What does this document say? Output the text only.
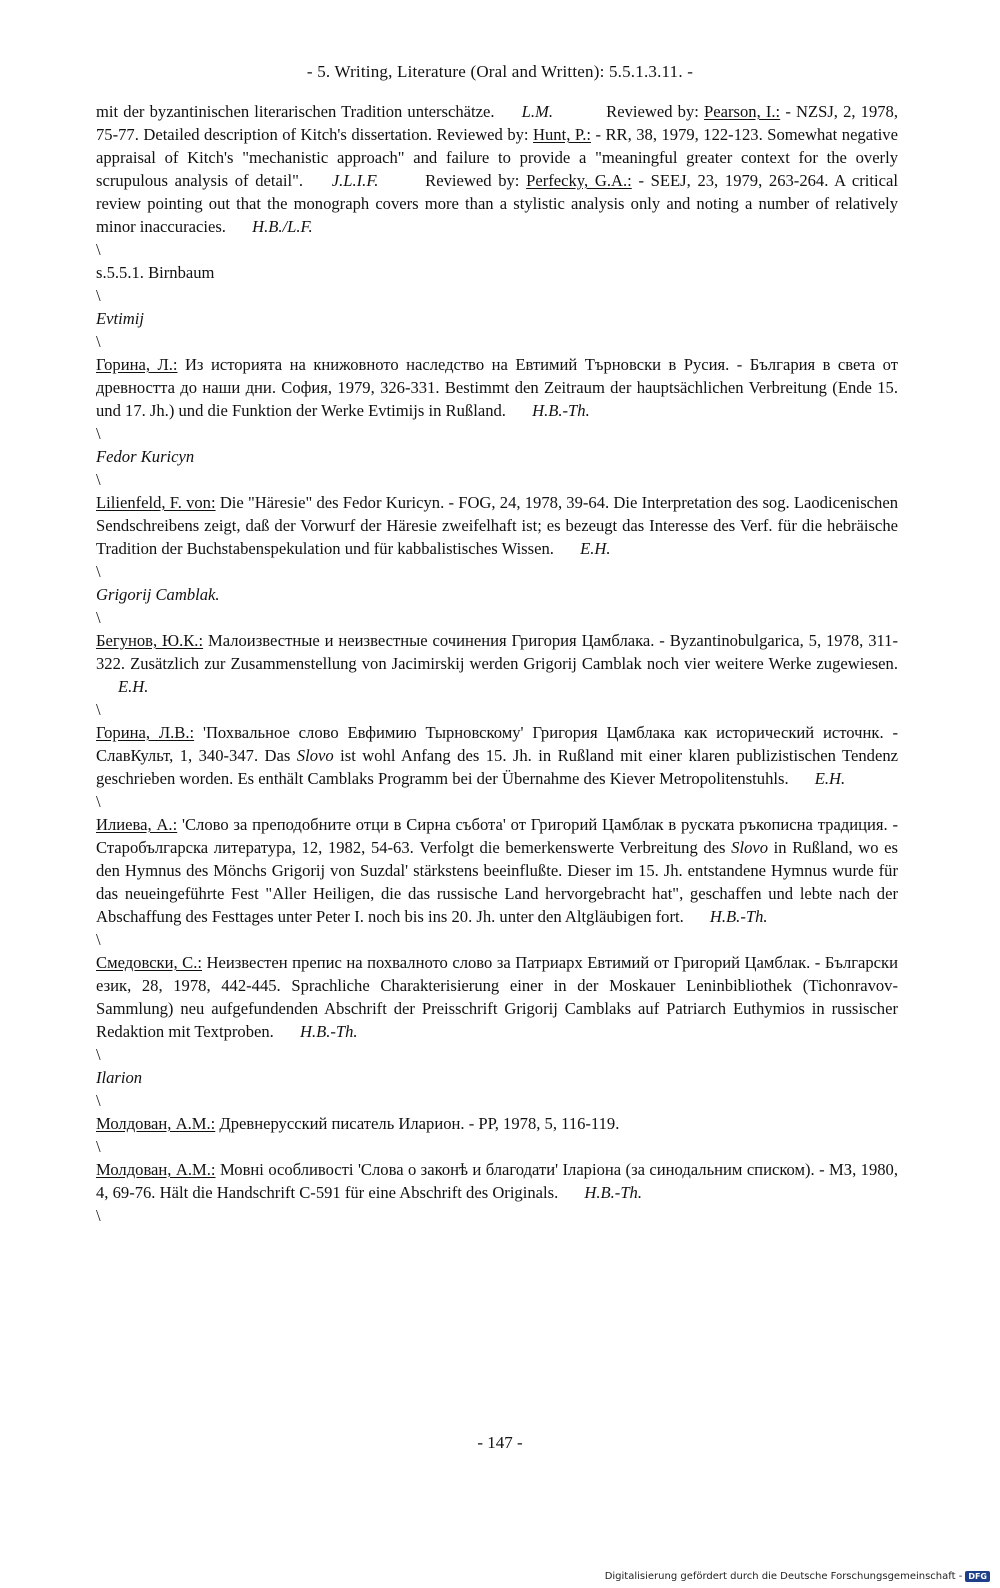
- 5. Writing, Literature (Oral and Written): 5.5.1.3.11. -

mit der byzantinischen literarischen Tradition unterschätze. L.M.	Reviewed by: Pearson, I.: - NZSJ, 2, 1978, 75-77. Detailed description of Kitch's dissertation. Reviewed by: Hunt, P.: - RR, 38, 1979, 122-123. Somewhat negative appraisal of Kitch's "mechanistic approach" and failure to provide a "meaningful greater context for the overly scrupulous analysis of detail". J.L.I.F.	Reviewed by: Perfecky, G.A.: - SEEJ, 23, 1979, 263-264. A critical review pointing out that the monograph covers more than a stylistic analysis only and noting a number of relatively minor inaccuracies. H.B./L.F.

\

s.5.5.1. Birnbaum

\

Evtimij

\

Горина, Л.: Из историята на книжовното наследство на Евтимий Търновски в Русия. - България в света от древността до наши дни. София, 1979, 326-331. Bestimmt den Zeitraum der hauptsächlichen Verbreitung (Ende 15. und 17. Jh.) und die Funktion der Werke Evtimijs in Rußland. H.B.-Th.

\

Fedor Kuricyn

\

Lilienfeld, F. von: Die "Häresie" des Fedor Kuricyn. - FOG, 24, 1978, 39-64. Die Interpretation des sog. Laodicenischen Sendschreibens zeigt, daß der Vorwurf der Häresie zweifelhaft ist; es bezeugt das Interesse des Verf. für die hebräische Tradition der Buchstabenspekulation und für kabbalistisches Wissen. E.H.

\

Grigorij Camblak.

\

Бегунов, Ю.К.: Малоизвестные и неизвестные сочинения Григория Цамблака. - Byzantinobulgarica, 5, 1978, 311-322. Zusätzlich zur Zusammenstellung von Jacimirskij werden Grigorij Camblak noch vier weitere Werke zugewiesen. E.H.

\

Горина, Л.В.: 'Похвальное слово Евфимию Тырновскому' Григория Цамблака как исторический источнк. - СлавКульт, 1, 340-347. Das Slovo ist wohl Anfang des 15. Jh. in Rußland mit einer klaren publizistischen Tendenz geschrieben worden. Es enthält Camblaks Programm bei der Übernahme des Kiever Metropolitenstuhls. E.H.

\

Илиева, А.: 'Слово за преподобните отци в Сирна събота' от Григорий Цамблак в руската ръкописна традиция. - Старобългарска литература, 12, 1982, 54-63. Verfolgt die bemerkenswerte Verbreitung des Slovo in Rußland, wo es den Hymnus des Mönchs Grigorij von Suzdal' stärkstens beeinflußte. Dieser im 15. Jh. entstandene Hymnus wurde für das neueingeführte Fest "Aller Heiligen, die das russische Land hervorgebracht hat", geschaffen und lebte nach der Abschaffung des Festtages unter Peter I. noch bis ins 20. Jh. unter den Altgläubigen fort. H.B.-Th.

\

Смедовски, С.: Неизвестен препис на похвалното слово за Патриарх Евтимий от Григорий Цамблак. - Български език, 28, 1978, 442-445. Sprachliche Charakterisierung einer in der Moskauer Leninbibliothek (Tichonravov-Sammlung) neu aufgefundenden Abschrift der Preisschrift Grigorij Camblaks auf Patriarch Euthymios in russischer Redaktion mit Textproben. H.B.-Th.

\

Ilarion

\

Молдован, А.М.: Древнерусский писатель Иларион. - РР, 1978, 5, 116-119.

\

Молдован, А.М.: Мовні особливості 'Слова о законѣ и благодати' Іларіона (за синодальним списком). - МЗ, 1980, 4, 69-76. Hält die Handschrift С-591 für eine Abschrift des Originals. H.B.-Th.

\

- 147 -
Digitalisierung gefördert durch die Deutsche Forschungsgemeinschaft - DFG
